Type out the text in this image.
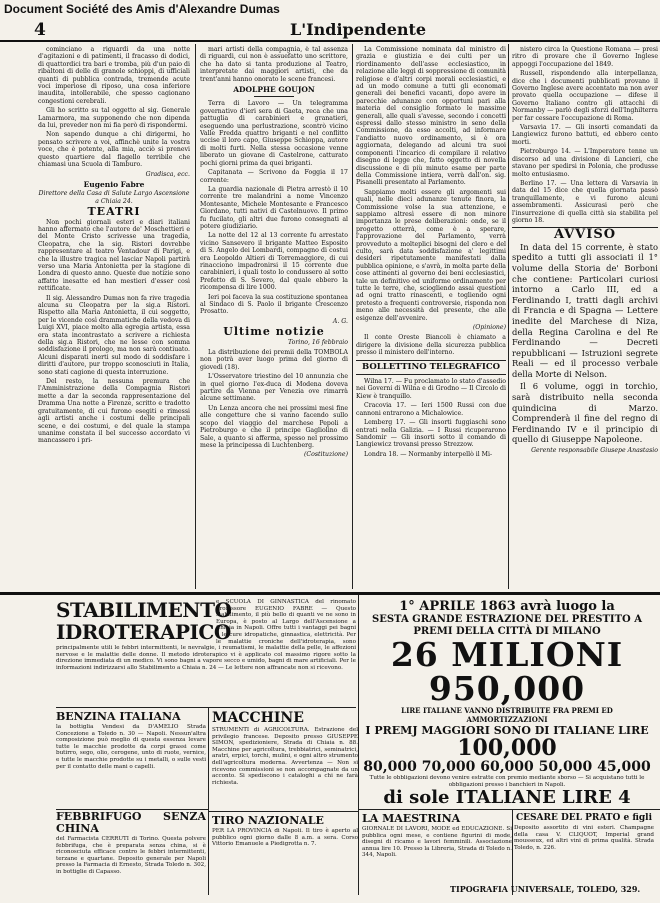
Document Société des Amis d'Alexandre Dumas
4	L'Indipendente

cominciano a riguardi da una notte d'agitazioni e di patimenti, il fracasso di dodici, di quattordici tra bari e tromba, più d'un paio di ribaltoni di delle di granole schioppi, di ufficiali quanti di pubblica contrada, tremende acute voci imperiose di riposo, una cosa inferiore inaudita, intollerabile, che spesso cagionano congestioni cerebrali.

Gli ho scritto su tal oggetto al sig. Generale Lamarmora, ma supponendo che non dipenda da lui, preveder non mi fia però di rispondermi.

Non sapendo dunque a chi dirigermi, ho pensato scrivere a voi, affinchè unite la vostra voce, che è potente, alla mia, acciò si prenevi questo quartiere dal flagello terribile che chiamasi una Scuola di Tamburo.

Gradisca, ecc.
Eugenio Fabre
Direttore della Casa di Salute Largo Ascensione a Chiaia 24.
TEATRI

Non pochi giornali esteri e diari italiani hanno affermato che l'autore de' Moschettieri e del Monte Cristo scrivesse una tragedia, Cleopatra, che la sig. Ristori dovrebbe rappresentare al teatro Ventadour di Parigi, e che la illustre tragica nel lasciar Napoli partirà verso una Maria Antonietta per la stagione di Londra di questo anno. Queste due notizie sono affatto inesatte ed han mestieri d'esser così rettificate.

Il sig. Alessandro Dumas non fa rive tragedia alcuna su Cleopatra per la sig.a Ristori. Rispetto alla Maria Antonietta, il cui soggetto, per le vicende così drammatiche della vedova di Luigi XVI, piace molto alla egregia artista, essa era stata incontrastato a scrivere a richiesta della sig.a Ristori, che ne lesse con somma soddisfazione il prologo, ma non sarà contiuato. Alcuni disparati inerti sul modo di soddisfare i diritti d'autore, pur troppo sconosciuti in Italia, sono stati cagione di questa interruzione.

Del resto, la nessuna premura che l'Amministrazione della Compagnia Ristori mette a dar la seconda rappresentazione del Dramma Una notte a Firenze, scritto e tradotto gratuitamente, di cui furono esegiti e rimessi agli artisti anche i costumi delle principali scene, e dei costumi, e del quale la stampa unanime constata il bel successo accordato vi mancassero i pri-

mari artisti della compagnia, è tal assenza di riguardi, cui non è assuefatto uno scrittore, che ha dato si tanta produzione al Teatro, interpretate dai maggiori artisti, che da trent'anni hanno onorato le scene francesi.

ADOLPHE GOUJON

Terra di Lavoro — Un telegramma governativo d'ieri sera di Gaeta, reca che una pattuglia di carabinieri e granatieri, eseguendo una perlustrazione, scontrò vicino Valle Fredda quattro briganti e nel conflitto uccise il loro capo, Giuseppe Schioppa, autore di molti furti. Nella stessa occasione venne liberato un giovane di Castelrone, catturato pochi giorni prima da quei briganti.

Capitanata — Scrivono da Foggia il 17 corrente:

La guardia nazionale di Pietra arrestò il 10 corrente tre malandrini a nome Vincenzo Montesante, Michele Montesante e Francesco Giordano, tutti nativi di Castelnuovo. Il primo fu fucilato, gli altri due furono consegnati al potere giudiziario.

La notte del 12 al 13 corrente fu arrestato vicino Sansevero il brigante Matteo Esposito di S. Angelo dei Lombardi, compagno di costui era Leopoldo Altieri di Torremaggiore, di cui rinacciono impadronirsi il 15 corrente due carabinieri, i quali tosto lo condussero al sotto Prefetto di S. Severo, dal quale ebbero la ricompensa di lire 1000.

Ieri poi faceva la sua costituzione spontanea al Sindaco di S. Paolo il brigante Crescenzo Prosatto.

A. G.
Ultime notizie
Torino, 16 febbraio

La distribuzione dei premii della TOMBOLA non potrà aver luogo prima del giorno di giovedì (18).

L'Osservatore triestino del 10 annunzia che in quel giorno l'ex-duca di Modena doveva partire da Vienna per Venezia ove rimarrà alcune settimane.

Un Lenza ancora che nei prossimi mesi fine alle congetture che si vanno facendo sullo scopo del viaggio del marchese Pepoli a Pietroburgo e che il principe Gagliolino di Sale, a quanto si afferma, spesso nel prossimo mese la principessa di Luchtenberg.

(Costituzione)

La Commissione nominata dal ministro di grazia e giustizia e dei culti per un riordinamento dell'asse ecclesiastico, in relazione alle leggi di soppressione di comunità religiose e d'altri corpi morali ecclesiastici, e ad un modo comune a tutti gli economati generali dei benefici vacanti, dopo avere in parecchie adunanze con opportuni pari alla materia del consiglio formato le massime generali, alle quali s'avesse, secondo i concetti espressi dallo stesso ministro in seno della Commissione, da esso accolti, ad informare l'andiatto nuovo ordinamento, si è ora aggiornata, delegando ad alcuni tra suoi componenti l'incarico di compilare il relativo disegno di legge che, fatto oggetto di novella discussione e di più minuto esame per parte della Commissione intiera, verrà dall'on. sig. Pisanelli presentato al Parlamento.

Sappiamo molti essere gli argomenti sui quali, nelle dieci adunanze tenute finora, la Commissione volse la sua attenzione, e sappiamo altresì essere di non minore importanza le prese deliberazioni: onde, se il progetto otterrà, come è a sperare, l'approvazione del Parlamento, verrà provveduto a molteplici bisogni del clero e del culto, sarà data soddisfazione a' legittimi desideri ripetutamente manifestati dalla pubblica opinione, e s'avrà, in molta parte della cose attinenti al governo dei beni ecclesiastici, tale un definitivo ed uniforme ordinamento per tutte le terre, che, sciogliendo assai questioni ad ogni tratto rinascenti, e togliendo ogni pretesto a frequenti controversie, risponda non meno alle necessità del presente, che alle esigenze dell'avvenire.

(Opinione)

Il conte Oreste Biancoli è chiamato a dirigere la divisione della sicurezza pubblica presso il ministero dell'interno.

BOLLETTINO TELEGRAFICO

Wilna 17. — Fu proclamato lo stato d'assedio nei Governi di Wilna e di Grodno — Il Circolo di Kiew è tranquillo.

Cracovia 17. — Ieri 1500 Russi con due cannoni entrarono a Michalowice.

Lemberg 17. — Gli insorti fuggiaschi sono entrati nella Galizia. — I Russi ricuperarono Sandomir — Gli insorti sotto il comando di Langiewicz trovansi presso Strezzow.

Londra 18. — Normanby interpellò il Mi-

nistero circa la Questione Romana — presi ritro di provare che il Governo Inglese appoggi l'occupazione del 1849.

Russell, rispondendo alla interpellanza, dice che i documenti pubblicati provano il Governo Inglese avere accentato ma non aver provato quella occupazione — difese il Governo Italiano contro gli attacchi di Normanby — parlò degli sforzi dell'Inghilterra per far cessare l'occupazione di Roma.

Varsavia 17. — Gli insorti comandati da Langiewicz furono battuti, ed ebbero cento morti.

Pietroburgo 14. — L'Imperatore tenne un discorso ad una divisione di Lancieri, che stavano per spedirsi in Polonia, che produsse molto entusiasmo.

Berlino 17. — Una lettera di Varsavia in data del 15 dice che quella giornata passò tranquillamente, e vi furono alcuni assembramenti. Assicurasi però che l'insurrezione di quella città sia stabilita pel giorno 18.

AVVISO

In data del 15 corrente, è stato spedito a tutti gli associati il 1° volume della Storia de' Borboni che contiene: Particolari curiosi intorno a Carlo III, ed a Ferdinando I, tratti dagli archivi di Francia e di Spagna — Lettere inedite del Marchese di Niza, della Regina Carolina e del Re Ferdinando — Decreti repubblicani — Istruzioni segrete Reali — ed il processo verbale della Morte di Nelson.

Il 6 volume, oggi in torchio, sarà distribuito nella seconda quindicina di Marzo. Comprenderà il fine del regno di Ferdinando IV e il principio di quello di Giuseppe Napoleone.

Gerente responsabile Giusepe Anastasio
STABILIMENTO IDROTERAPICO
e SCUOLA DI GINNASTICA del rinomato professore EUGENIO FABRE — Questo stabilimento, il più bello di quanti ve ne sono in Europa, è posto al Largo dell'Ascensione a Chiaia in Napoli. Offre tutti i vantaggi pei bagni e le cure idropatiche, ginnastica, elettricità. Per le malattie croniche dell'idroterapia, sono principalmente utili le febbri intermittenti, le nevralgie, i reumatismi, le malattie della pelle, le affezioni nervose e le malattie delle donne. Il metodo idroterapico vi è applicato col massimo rigore sotto la direzione immediata di un medico. Vi sono bagni a vapore secco e umido, bagni di mare artificiali. Per le informazioni indirizzarsi allo Stabilimento a Chiaia n. 24 — Le lettere non affrancate non si ricevono.
1° APRILE 1863 avrà luogo la
SESTA GRANDE ESTRAZIONE DEL PRESTITO A PREMI DELLA CITTÀ DI MILANO
26 MILIONI 950,000
LIRE ITALIANE VANNO DISTRIBUITE FRA PREMI ED AMMORTIZZAZIONI
I PREMJ MAGGIORI SONO DI ITALIANE LIRE
100,000
80,000 70,000 60,000 50,000 45,000
Tutte le obbligazioni devono venire estratte con premio mediante sborso — Si acquistano tutti le obbligazioni presso i banchieri in Napoli.
di sole ITALIANE LIRE 4
BENZINA ITALIANA
la bottiglia Vendesi da D'AMELIO Strada Concezione a Toledo n. 30 — Napoli. Nessun'altra composizione può meglio di questa essenza levare tutte le macchie prodotte da corpi grassi come butirro, sego, olio, cerogene, unto di ruote, vernice, e tutte le macchie prodotte su i metalli, o sulle vesti per il contatto delle mani o capelli.
MACCHINE
STRUMENTI di AGRICOLTURA. Estrazione del privilegio francese. Deposito presso GIUSEPPE SIMON, spedizioniere, Strada di Chiaia n. 88. Macchine per agricoltura, trebbiatrici, seminatrici, aratri, erpici, torchi, mulini, e ogni altro strumento dell'agricoltura moderna. Avvertenza — Non si ricevono commissioni se non accompagnate da un acconto. Si spediscono i cataloghi a chi ne farà richiesta.
FEBBRIFUGO SENZA CHINA
del Farmacista CERRUTI di Torino. Questa polvere febbrifuga, che è preparata senza china, si è riconosciuta efficace contro le febbri intermittenti, terzane e quartane. Deposito generale per Napoli presso la Farmacia di Ernesto, Strada Toledo n. 302, in bottiglie di Capasso.
TIRO NAZIONALE
PER LA PROVINCIA di Napoli. Il tiro è aperto al pubblico ogni giorno dalle 8 a.m. a sera. Corso Vittorio Emanuele a Piedigrotta n. 7.
LA MAESTRINA
GIORNALE DI LAVORI, MODE ed EDUCAZIONE. Si pubblica ogni mese, e contiene figurini di mode, disegni di ricamo e lavori femminili. Associazione annua lire 10. Presso la Libreria, Strada di Toledo n. 344, Napoli.
CESARE DEL PRATO e figli
Deposito assortito di vini esteri. Champagne della casa V. CLIQUOT, Imperial grand mousseux, ed altri vini di prima qualità. Strada Toledo, n. 226.
TIPOGRAFIA UNIVERSALE, TOLEDO, 329.
